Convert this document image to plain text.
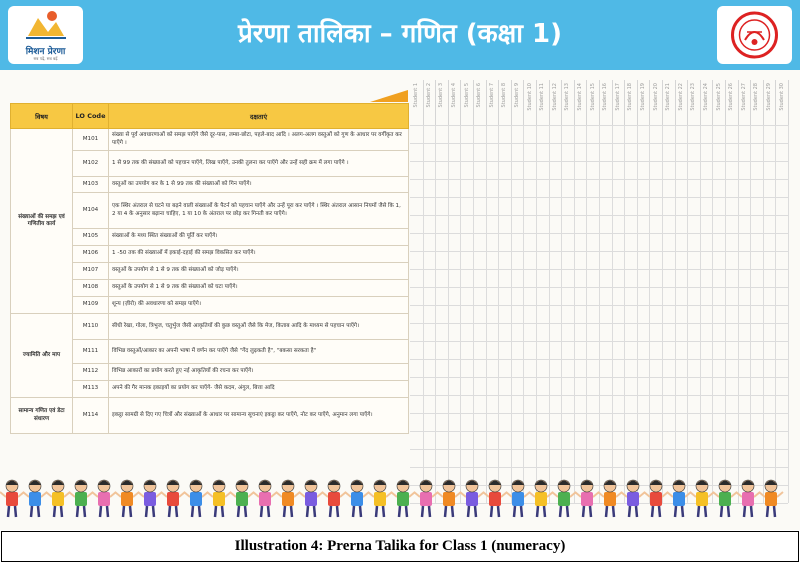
मिशन प्रेरणा
सब पढ़ें, सब बढ़ें
प्रेरणा तालिका – गणित (कक्षा 1)
विषय	LO Code	दक्षताएं
संख्याओं की समझ एवं गणितीय कार्य	M101	संख्या से पूर्व अवधारणाओं को समझ पाएँगे जैसे दूर-पास, लम्बा-छोटा, पहले-बाद आदि । अलग-अलग वस्तुओं को गुण के आधार पर वर्गीकृत कर पाएँगे ।
	M102	1 से 99 तक की संख्याओं को पहचान पाएँगे, लिख पाएँगे, उनकी तुलना कर पाएँगे और उन्हें सही क्रम में लगा पाएँगे ।
	M103	वस्तुओं का उपयोग कर के 1 से 99 तक की संख्याओं को गिन पाएँगे।
	M104	एक स्थिर अंतराल से घटने या बढ़ने वाली संख्याओं के पैटर्न को पहचान पाएँगे और उन्हें पूरा कर पाएँगे । स्थिर अंतराल आसान नियमों जैसे कि 1, 2 या 4 के अनुसार बढ़ाना चाहिए, 1 या 10 के अंतराल पर छोड़ कर गिनती कर पाएँगे।
	M105	संख्याओं के मध्य स्थित संख्याओं की पूर्ति कर पाएँगे।
	M106	1 -50 तक की संख्याओं में इकाई-दहाई की समझ विकसित कर पाएँगे।
	M107	वस्तुओं के उपयोग से 1 से 9 तक की संख्याओं को जोड़ पाएँगे।
	M108	वस्तुओं के उपयोग से 1 से 9 तक की संख्याओं को घटा पाएँगे।
	M109	शून्य (ज़ीरो) की अवधारणा को समझ पाएँगे।
ज्यामिति और माप	M110	सीधी रेखा, गोला, त्रिभुज, चतुर्भुज जैसी आकृतियों की कुछ वस्तुओं जैसे कि मेज, किताब आदि के माध्यम से पहचान पाएँगे।
	M111	विभिन्न वस्तुओं/आकार का अपनी भाषा में वर्णन कर पाएँगे जैसे "गेंद लुढ़कती है", "बकसा सरकता है"
	M112	विभिन्न आकारों का प्रयोग करते हुए नई आकृतियों की रचना कर पाएँगे।
	M113	अपने की गैर मानक इकाइयों का प्रयोग कर पाएँगे- जैसे कदम, अंगुल, बित्ता आदि
सामान्य गणित एवं डेटा संधारण	M114	इकट्ठा सामग्री से दिए गए चित्रों और संख्याओं के आधार पर सामान्य सूचनाएं इकट्ठा कर पाएँगे, नोट कर पाएँगे, अनुमान लगा पाएँगे।
Student 1 Student 2 Student 3 Student 4 Student 5 Student 6 Student 7 Student 8 Student 9 Student 10 Student 11 Student 12 Student 13 Student 14 Student 15 Student 16 Student 17 Student 18 Student 19 Student 20 Student 21 Student 22 Student 23 Student 24 Student 25 Student 26 Student 27 Student 28 Student 29 Student 30
Illustration 4: Prerna Talika for Class 1 (numeracy)
